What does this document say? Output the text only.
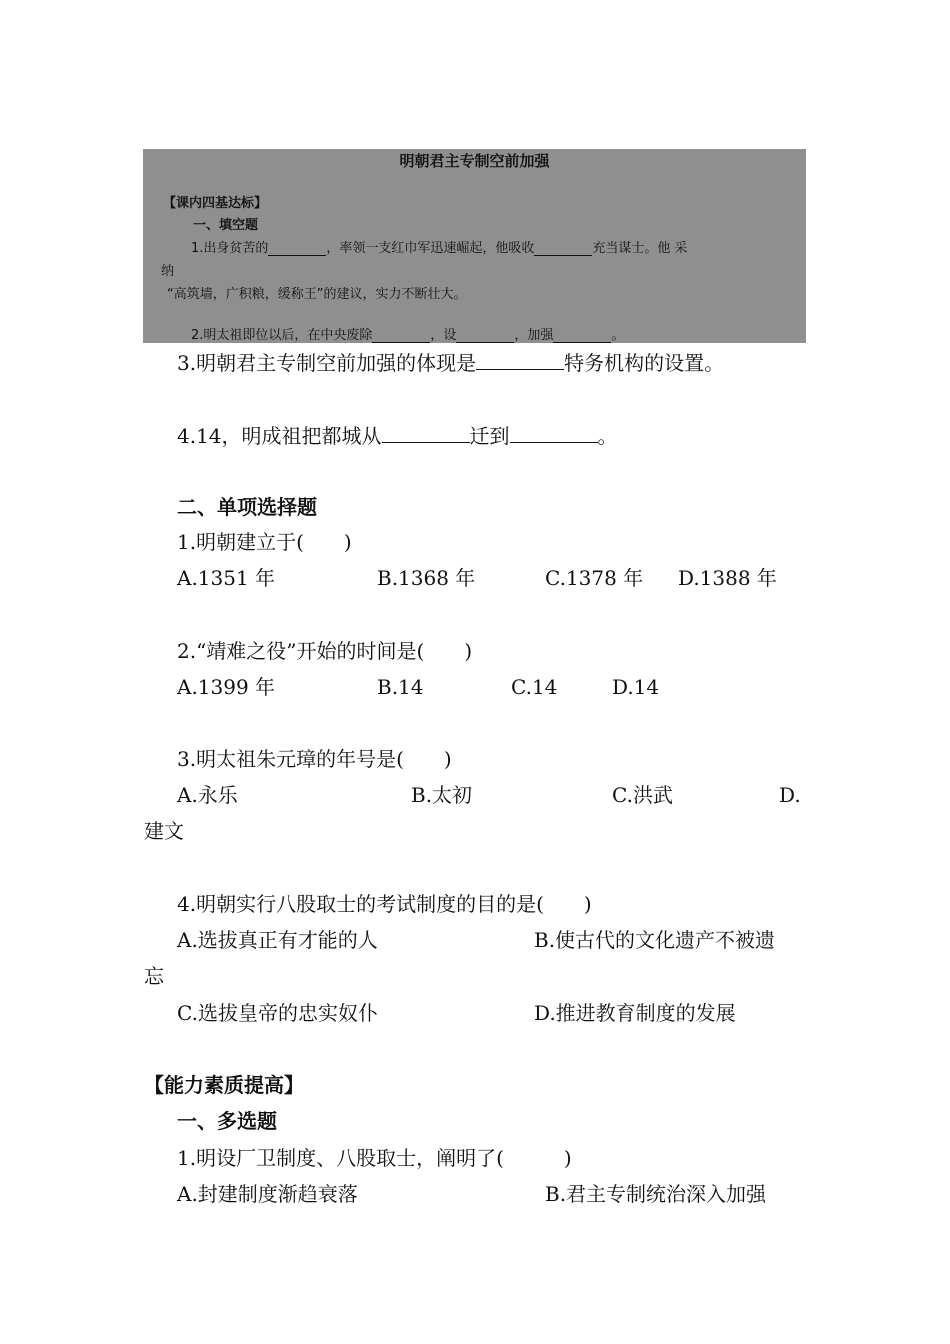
明朝君主专制空前加强
【课内四基达标】
一、填空题
1.出身贫苦的	，率领一支红巾军迅速崛起，他吸收	充当谋士。他 采
纳
“高筑墙，广积粮，缓称王”的建议，实力不断壮大。
2.明太祖即位以后，在中央废除	，设	，加强	。
3.明朝君主专制空前加强的体现是	特务机构的设置。
4.14，明成祖把都城从	迁到	。
二、单项选择题
1.明朝建立于(　　)
A.1351 年	B.1368 年	C.1378 年 D.1388 年
2.“靖难之役”开始的时间是(　　)
A.1399 年	B.14	C.14	D.14
3.明太祖朱元璋的年号是(　　)
A.永乐	B.太初	C.洪武	D.
建文
4.明朝实行八股取士的考试制度的目的是(　　)
A.选拔真正有才能的人	B.使古代的文化遗产不被遗
忘
C.选拔皇帝的忠实奴仆	D.推进教育制度的发展
【能力素质提高】
一、多选题
1.明设厂卫制度、八股取士，阐明了(　　　)
A.封建制度渐趋衰落	B.君主专制统治深入加强
